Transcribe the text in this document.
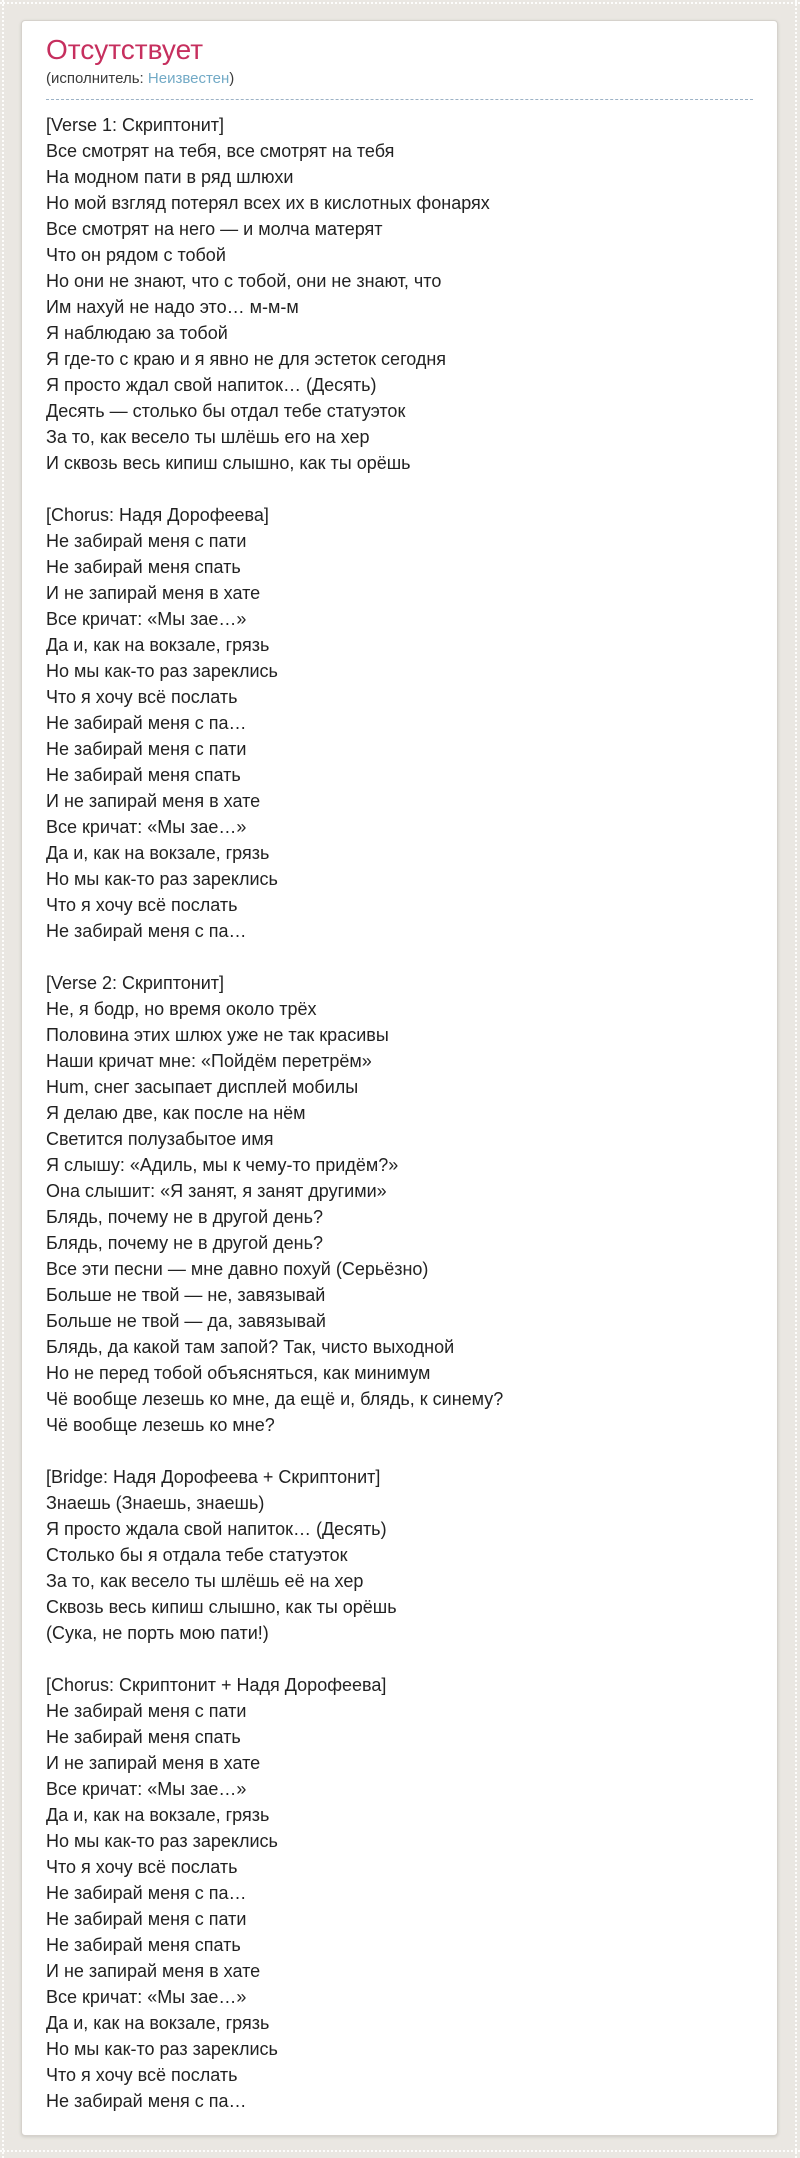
Отсутствует
(исполнитель: Неизвестен)
[Verse 1: Скриптонит]
Все смотрят на тебя, все смотрят на тебя
На модном пати в ряд шлюхи
Но мой взгляд потерял всех их в кислотных фонарях
Все смотрят на него — и молча матерят
Что он рядом с тобой
Но они не знают, что с тобой, они не знают, что
Им нахуй не надо это… м-м-м
Я наблюдаю за тобой
Я где-то с краю и я явно не для эстеток сегодня
Я просто ждал свой напиток… (Десять)
Десять — столько бы отдал тебе статуэток
За то, как весело ты шлёшь его на хер
И сквозь весь кипиш слышно, как ты орёшь
[Chorus: Надя Дорофеева]
Не забирай меня с пати
Не забирай меня спать
И не запирай меня в хате
Все кричат: «Мы зае…»
Да и, как на вокзале, грязь
Но мы как-то раз зареклись
Что я хочу всё послать
Не забирай меня с па…
Не забирай меня с пати
Не забирай меня спать
И не запирай меня в хате
Все кричат: «Мы зае…»
Да и, как на вокзале, грязь
Но мы как-то раз зареклись
Что я хочу всё послать
Не забирай меня с па…
[Verse 2: Скриптонит]
Не, я бодр, но время около трёх
Половина этих шлюх уже не так красивы
Наши кричат мне: «Пойдём перетрём»
Hum, снег засыпает дисплей мобилы
Я делаю две, как после на нём
Светится полузабытое имя
Я слышу: «Адиль, мы к чему-то придём?»
Она слышит: «Я занят, я занят другими»
Блядь, почему не в другой день?
Блядь, почему не в другой день?
Все эти песни — мне давно похуй (Серьёзно)
Больше не твой — не, завязывай
Больше не твой — да, завязывай
Блядь, да какой там запой? Так, чисто выходной
Но не перед тобой объясняться, как минимум
Чё вообще лезешь ко мне, да ещё и, блядь, к синему?
Чё вообще лезешь ко мне?
[Bridge: Надя Дорофеева + Скриптонит]
Знаешь (Знаешь, знаешь)
Я просто ждала свой напиток… (Десять)
Столько бы я отдала тебе статуэток
За то, как весело ты шлёшь её на хер
Сквозь весь кипиш слышно, как ты орёшь
(Сука, не порть мою пати!)
[Chorus: Скриптонит + Надя Дорофеева]
Не забирай меня с пати
Не забирай меня спать
И не запирай меня в хате
Все кричат: «Мы зае…»
Да и, как на вокзале, грязь
Но мы как-то раз зареклись
Что я хочу всё послать
Не забирай меня с па…
Не забирай меня с пати
Не забирай меня спать
И не запирай меня в хате
Все кричат: «Мы зае…»
Да и, как на вокзале, грязь
Но мы как-то раз зареклись
Что я хочу всё послать
Не забирай меня с па…
